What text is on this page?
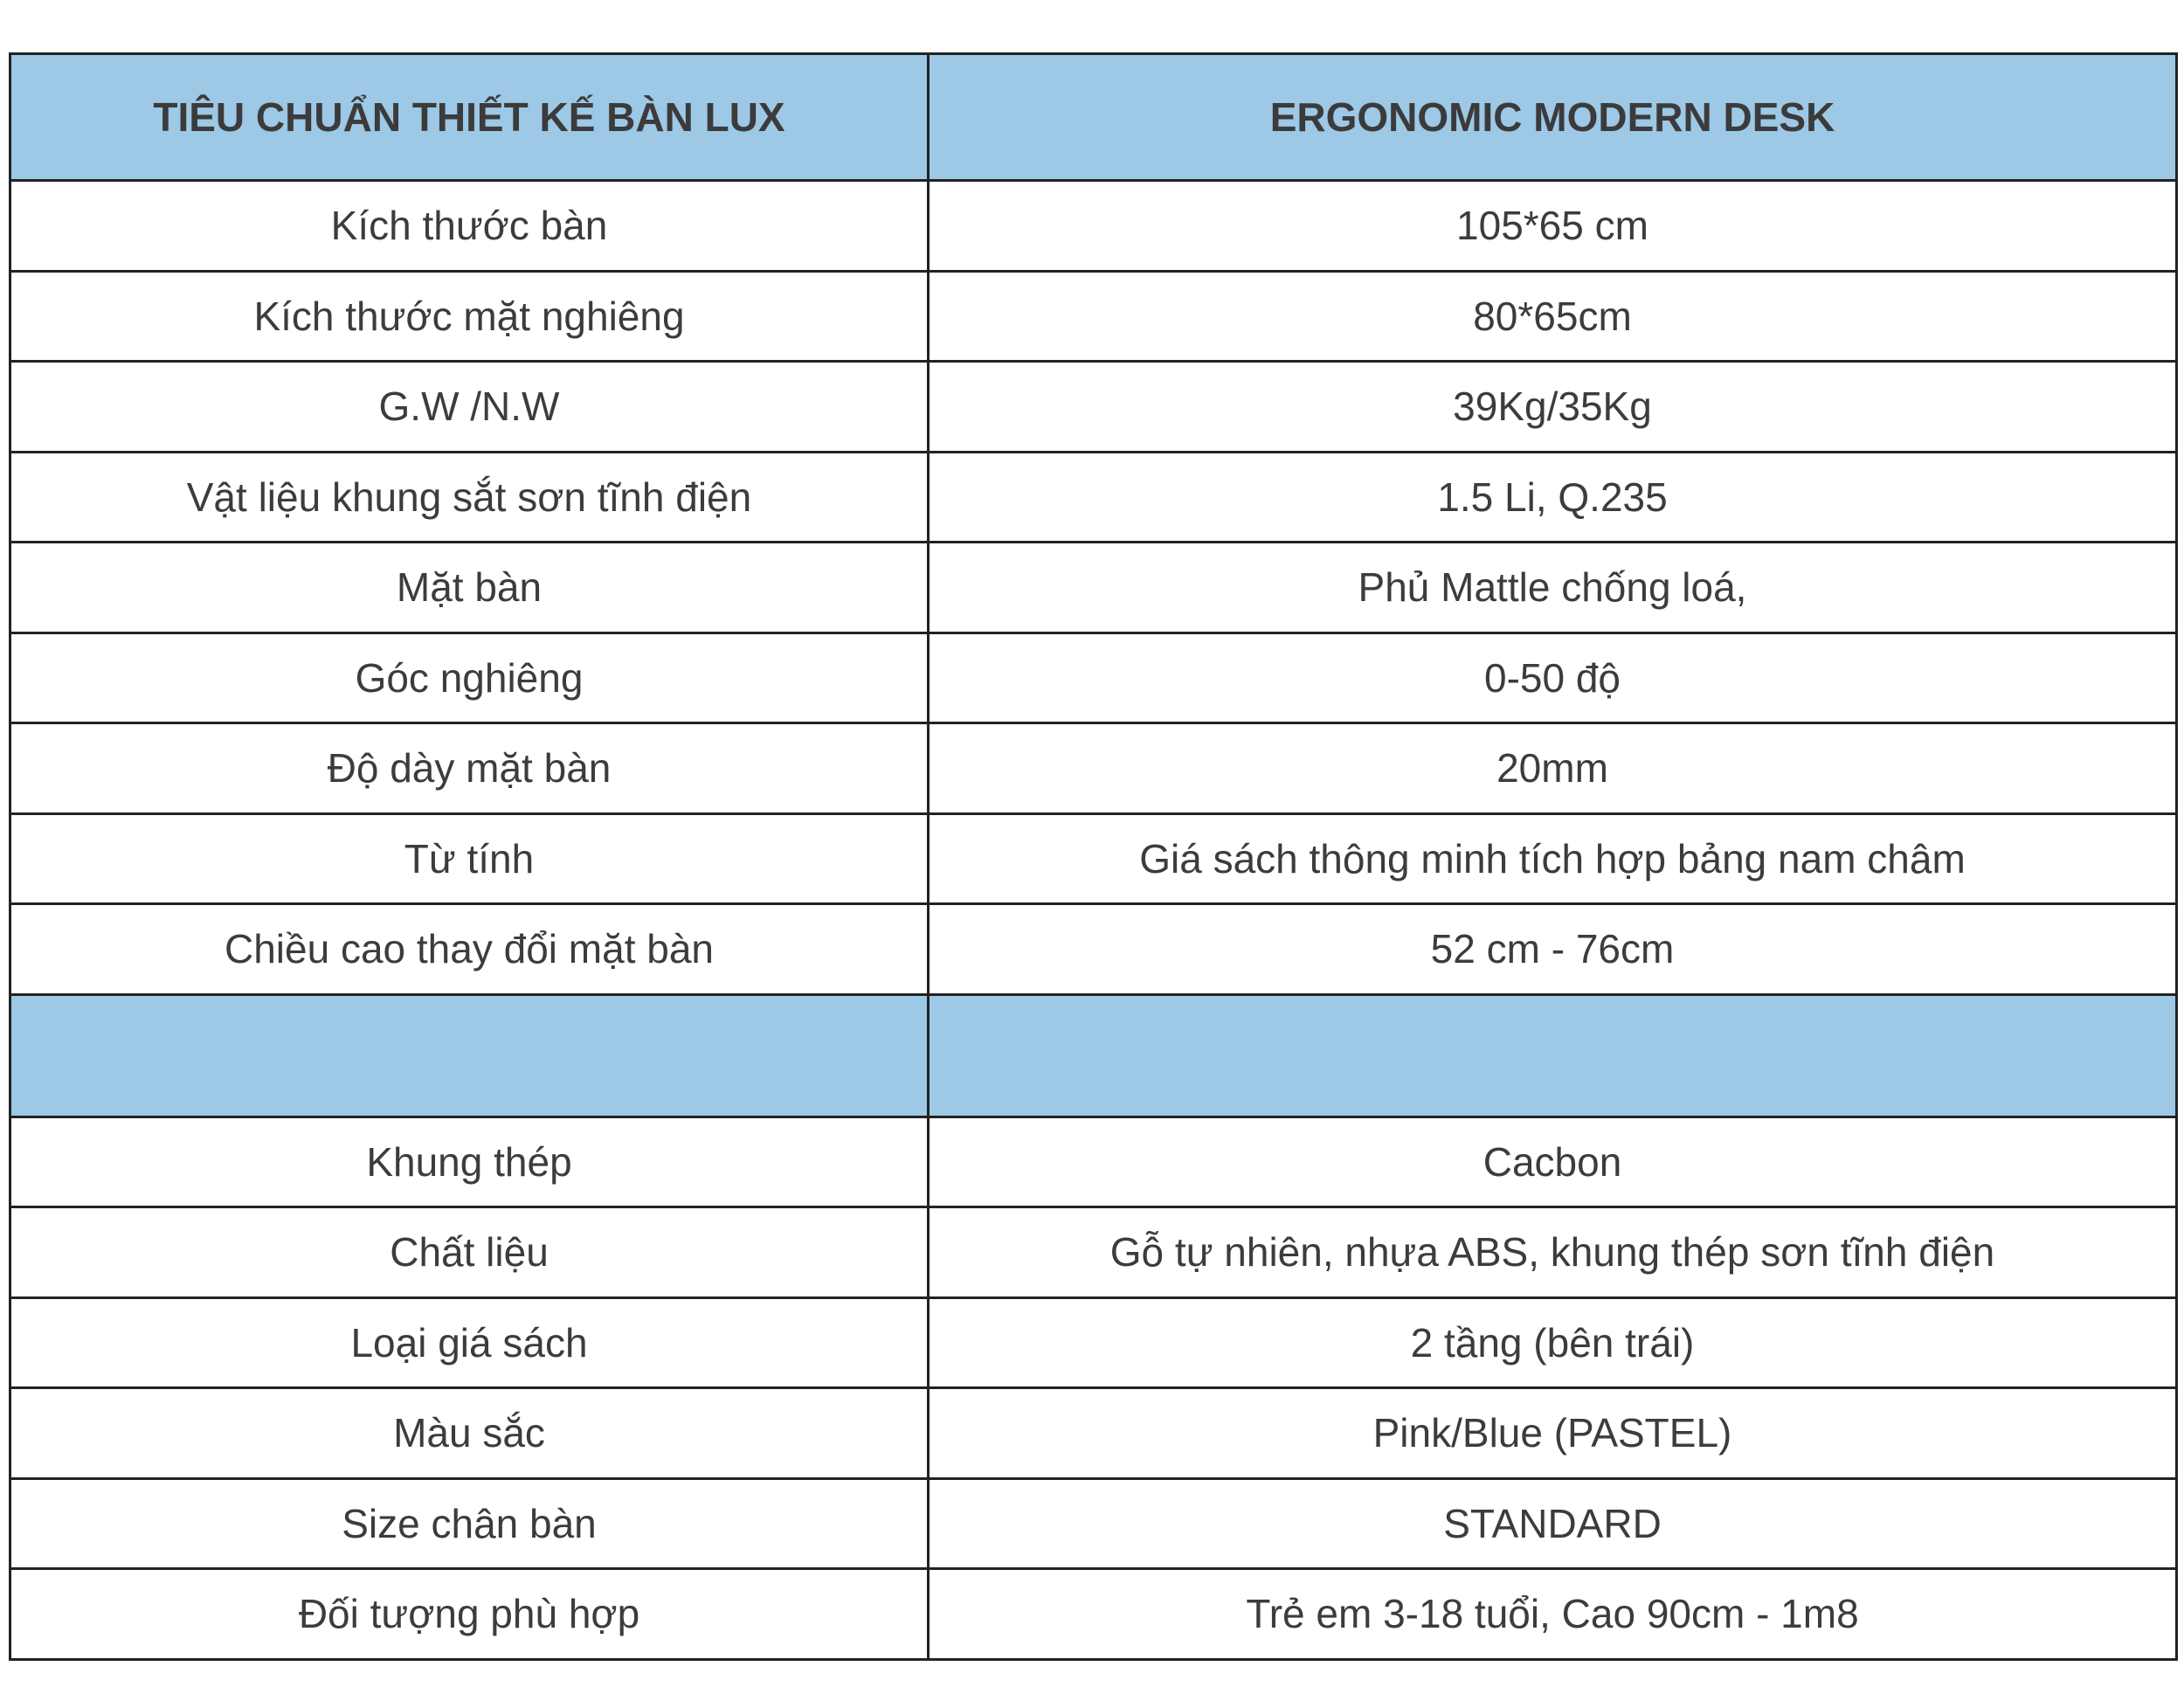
TIÊU CHUẨN THIẾT KẾ BÀN LUX	ERGONOMIC MODERN DESK
Kích thước bàn	105*65 cm
Kích thước mặt nghiêng	80*65cm
G.W /N.W	39Kg/35Kg
Vật liệu khung sắt sơn tĩnh điện	1.5 Li, Q.235
Mặt bàn	Phủ Mattle chống loá,
Góc nghiêng	0-50 độ
Độ dày mặt bàn	20mm
Từ tính	Giá sách thông minh tích hợp bảng nam châm
Chiều cao thay đổi mặt bàn	52 cm - 76cm

Khung thép	Cacbon
Chất liệu	Gỗ tự nhiên, nhựa ABS, khung thép sơn tĩnh điện
Loại giá sách	2 tầng (bên trái)
Màu sắc	Pink/Blue (PASTEL)
Size chân bàn	STANDARD
Đối tượng phù hợp	Trẻ em 3-18 tuổi, Cao 90cm - 1m8
